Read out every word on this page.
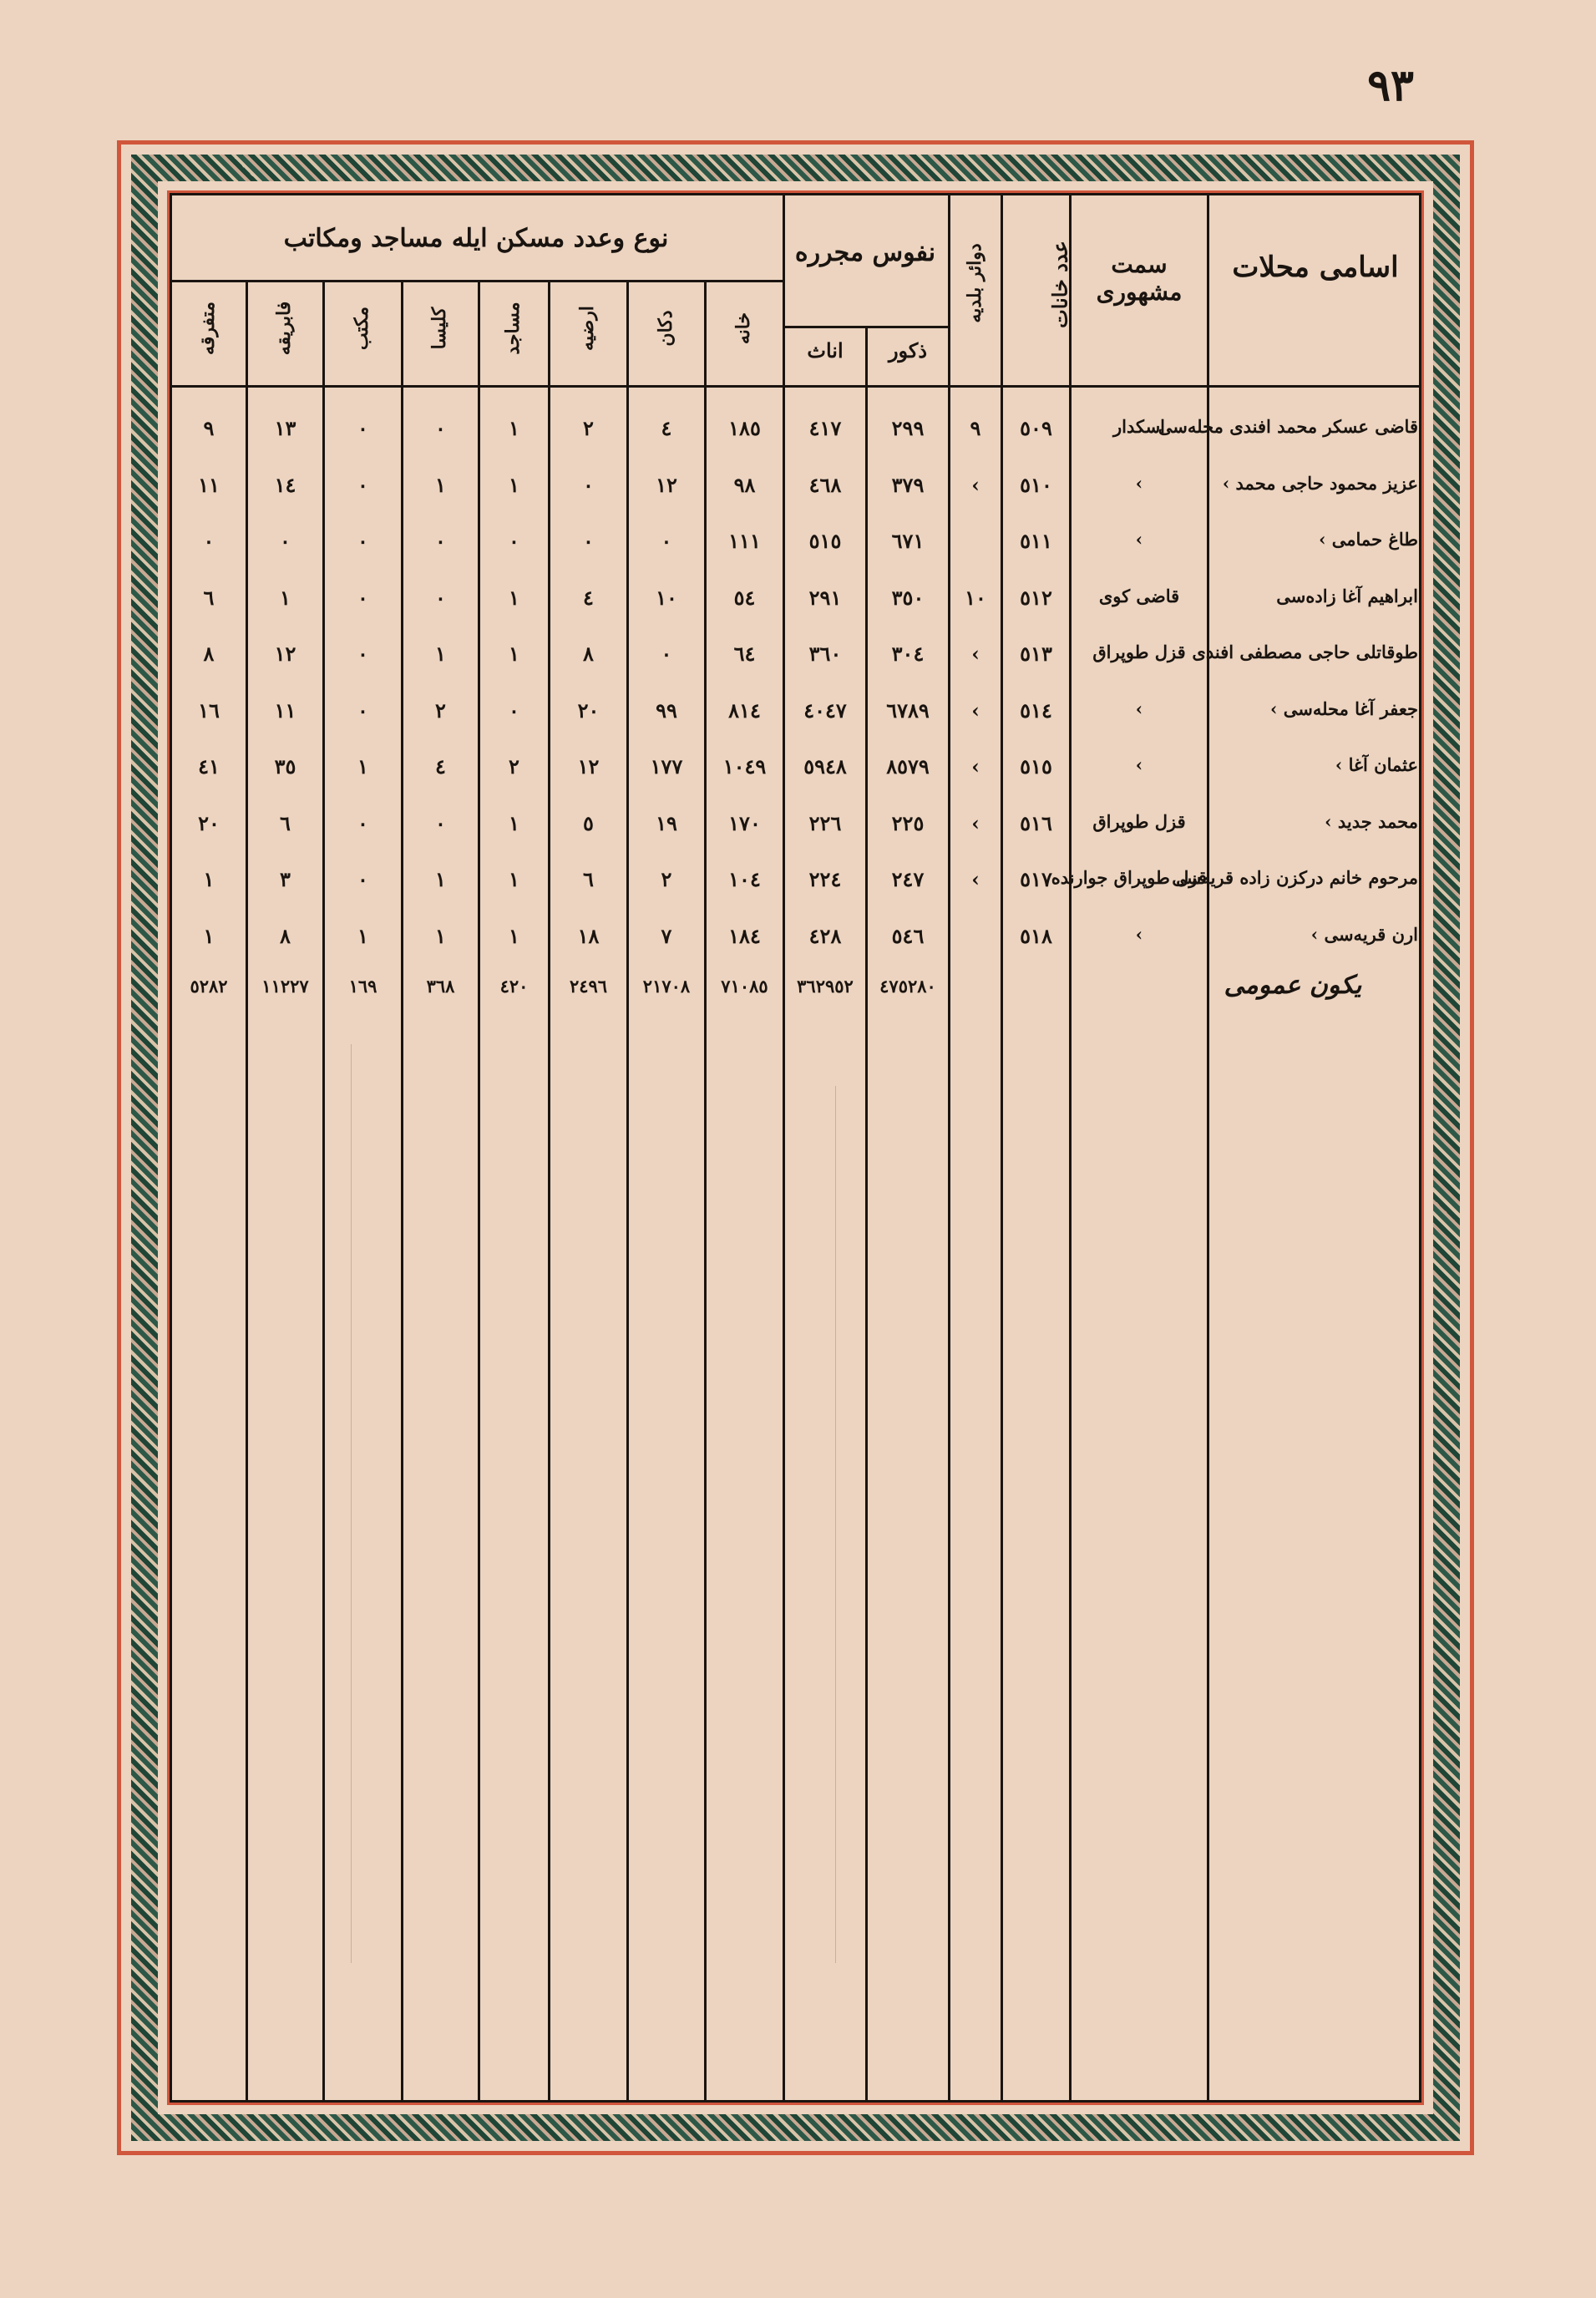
٩٣
اسامی محلات
سمت مشهوری
عدد خانات
دوائر بلدیه
نفوس مجرره
ذکور
اناث
نوع وعدد مسکن ایله مساجد ومکاتب
خانه
دکان
ارضیه
مساجد
کلیسا
مکتب
فابریقه
متفرقه
قاضی عسکر محمد افندی محله‌سی
اسکدار
٥٠٩
٩
٢٩٩
٤١٧
١٨٥
٤
٢
١
٠
٠
١٣
٩
عزیز محمود حاجی محمد ›
›
٥١٠
›
٣٧٩
٤٦٨
٩٨
١٢
٠
١
١
٠
١٤
١١
طاغ حمامی ›
›
٥١١
٦٧١
٥١٥
١١١
٠
٠
٠
٠
٠
٠
٠
ابراهیم آغا زاده‌سی
قاضی کوی
٥١٢
١٠
٣٥٠
٢٩١
٥٤
١٠
٤
١
٠
٠
١
٦
طوقاتلی حاجی مصطفی افندی
قزل طوپراق
٥١٣
›
٣٠٤
٣٦٠
٦٤
٠
٨
١
١
٠
١٢
٨
جعفر آغا محله‌سی ›
›
٥١٤
›
٦٧٨٩
٤٠٤٧
٨١٤
٩٩
٢٠
٠
٢
٠
١١
١٦
عثمان آغا ›
›
٥١٥
›
٨٥٧٩
٥٩٤٨
١٠٤٩
١٧٧
١٢
٢
٤
١
٣٥
٤١
محمد جدید ›
قزل طوپراق
٥١٦
›
٢٢٥
٢٢٦
١٧٠
١٩
٥
١
٠
٠
٦
٢٠
مرحوم خانم درکزن زاده قریه‌سی
قزل طوپراق جوارنده
٥١٧
›
٢٤٧
٢٢٤
١٠٤
٢
٦
١
١
٠
٣
١
ارن قریه‌سی ›
›
٥١٨
٥٤٦
٤٢٨
١٨٤
٧
١٨
١
١
١
٨
١
یکون عمومی
٤٧٥٢٨٠
٣٦٢٩٥٢
٧١٠٨٥
٢١٧٠٨
٢٤٩٦
٤٢٠
٣٦٨
١٦٩
١١٢٢٧
٥٢٨٢
